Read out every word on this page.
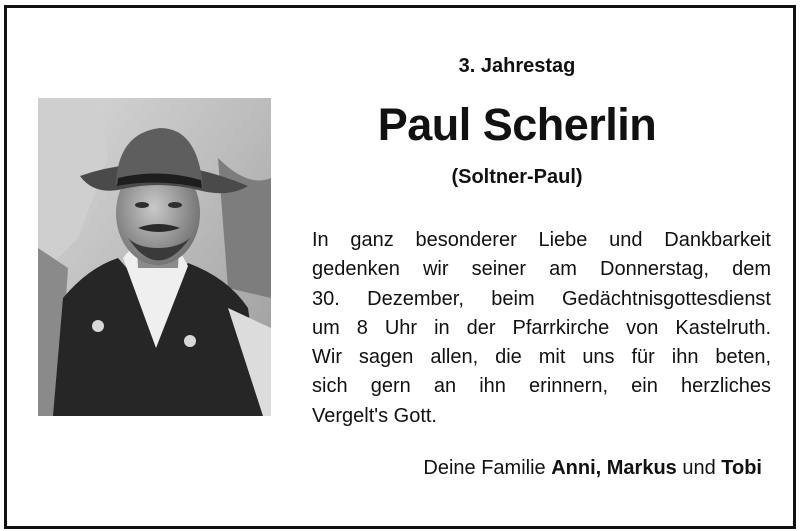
3. Jahrestag
Paul Scherlin
(Soltner-Paul)
In ganz besonderer Liebe und Dankbarkeit
gedenken wir seiner am Donnerstag, dem
30. Dezember, beim Gedächtnisgottesdienst
um 8 Uhr in der Pfarrkirche von Kastelruth.
Wir sagen allen, die mit uns für ihn beten,
sich gern an ihn erinnern, ein herzliches
Vergelt's Gott.
Deine Familie Anni, Markus und Tobi
